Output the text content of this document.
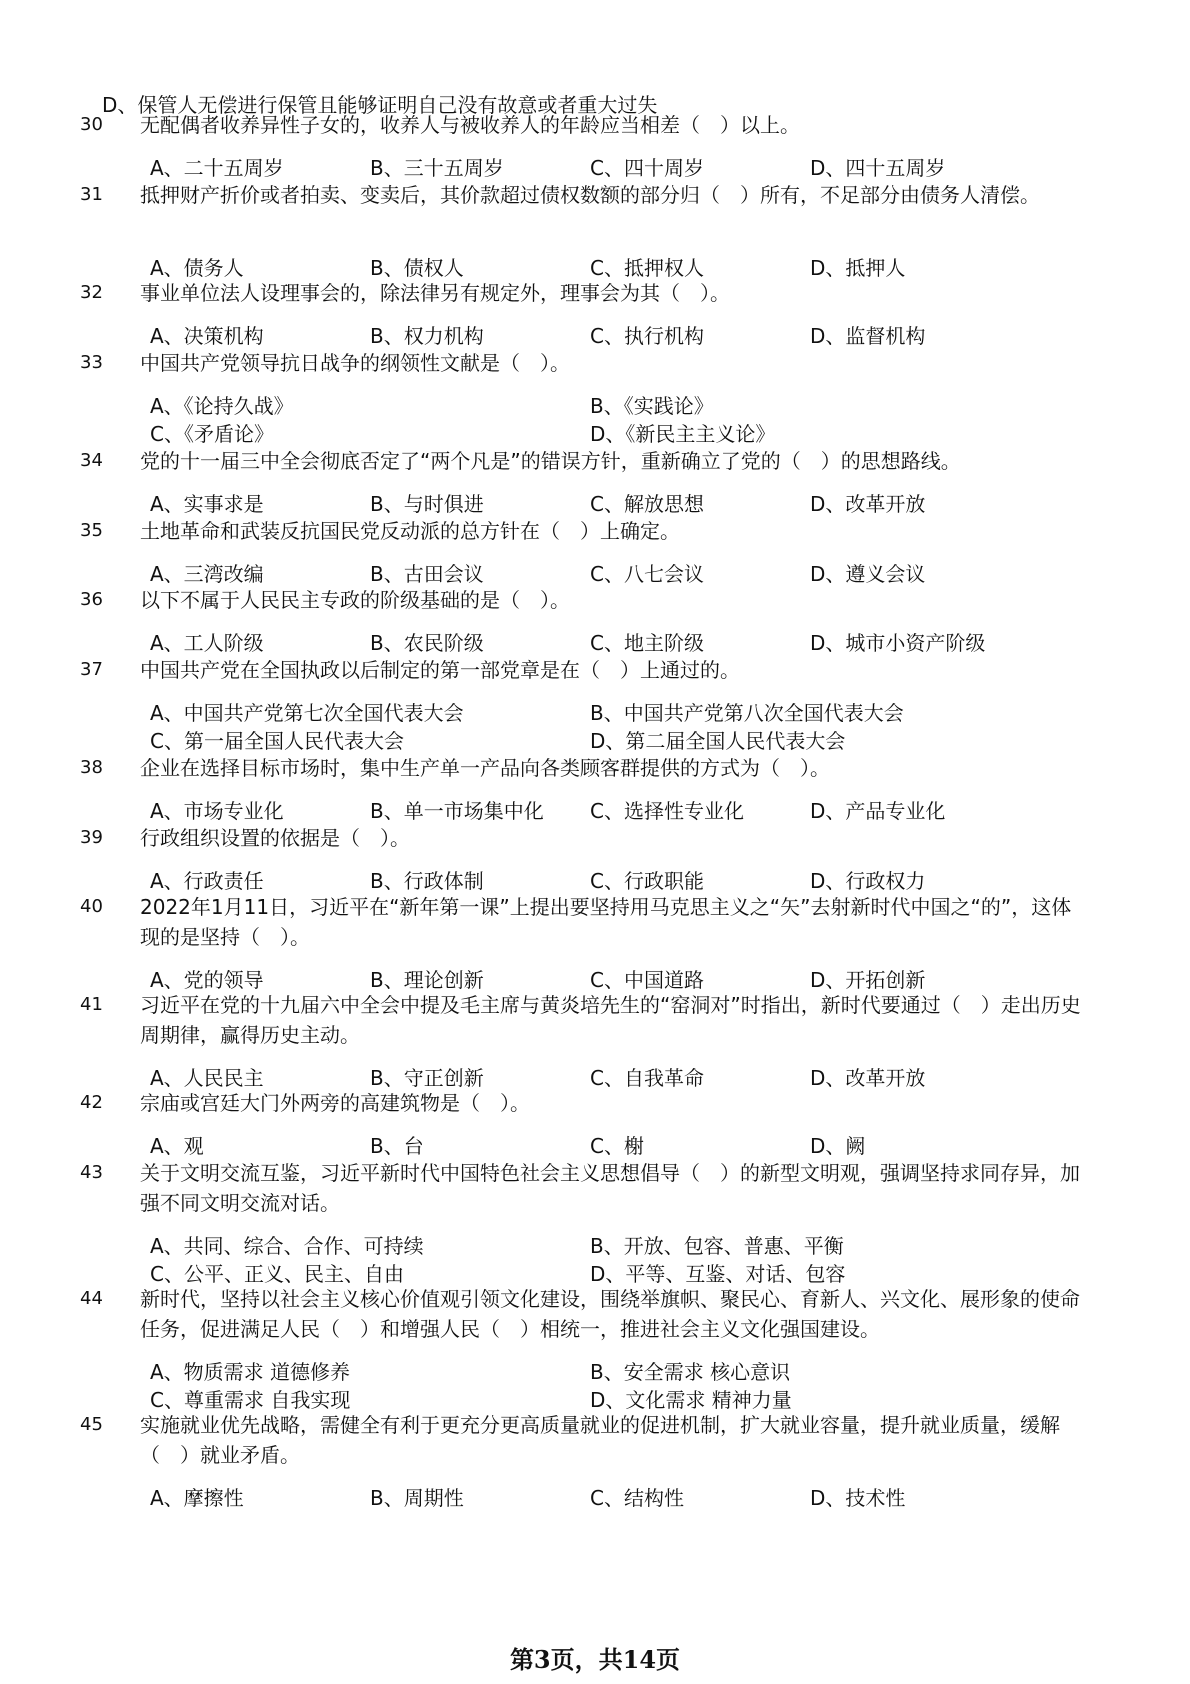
D、保管人无偿进行保管且能够证明自己没有故意或者重大过失
30 无配偶者收养异性子女的，收养人与被收养人的年龄应当相差（　）以上。
A、二十五周岁	B、三十五周岁	C、四十周岁	D、四十五周岁
31 抵押财产折价或者拍卖、变卖后，其价款超过债权数额的部分归（　）所有，不足部分由债务人清偿。
A、债务人	B、债权人	C、抵押权人	D、抵押人
32 事业单位法人设理事会的，除法律另有规定外，理事会为其（　）。
A、决策机构	B、权力机构	C、执行机构	D、监督机构
33 中国共产党领导抗日战争的纲领性文献是（　）。
A、《论持久战》	B、《实践论》
C、《矛盾论》	D、《新民主主义论》
34 党的十一届三中全会彻底否定了“两个凡是”的错误方针，重新确立了党的（　）的思想路线。
A、实事求是	B、与时俱进	C、解放思想	D、改革开放
35 土地革命和武装反抗国民党反动派的总方针在（　）上确定。
A、三湾改编	B、古田会议	C、八七会议	D、遵义会议
36 以下不属于人民民主专政的阶级基础的是（　）。
A、工人阶级	B、农民阶级	C、地主阶级	D、城市小资产阶级
37 中国共产党在全国执政以后制定的第一部党章是在（　）上通过的。
A、中国共产党第七次全国代表大会	B、中国共产党第八次全国代表大会
C、第一届全国人民代表大会	D、第二届全国人民代表大会
38 企业在选择目标市场时，集中生产单一产品向各类顾客群提供的方式为（　）。
A、市场专业化	B、单一市场集中化 C、选择性专业化	D、产品专业化
39 行政组织设置的依据是（　）。
A、行政责任	B、行政体制	C、行政职能	D、行政权力
40 2022年1月11日，习近平在“新年第一课”上提出要坚持用马克思主义之“矢”去射新时代中国之“的”，这体现的是坚持（　）。
A、党的领导	B、理论创新	C、中国道路	D、开拓创新
41 习近平在党的十九届六中全会中提及毛主席与黄炎培先生的“窑洞对”时指出，新时代要通过（　）走出历史周期律，赢得历史主动。
A、人民民主	B、守正创新	C、自我革命	D、改革开放
42 宗庙或宫廷大门外两旁的高建筑物是（　）。
A、观	B、台	C、榭	D、阙
43 关于文明交流互鉴，习近平新时代中国特色社会主义思想倡导（　）的新型文明观，强调坚持求同存异，加强不同文明交流对话。
A、共同、综合、合作、可持续	B、开放、包容、普惠、平衡
C、公平、正义、民主、自由	D、平等、互鉴、对话、包容
44 新时代，坚持以社会主义核心价值观引领文化建设，围绕举旗帜、聚民心、育新人、兴文化、展形象的使命任务，促进满足人民（　）和增强人民（　）相统一，推进社会主义文化强国建设。
A、物质需求 道德修养	B、安全需求 核心意识
C、尊重需求 自我实现	D、文化需求 精神力量
45 实施就业优先战略，需健全有利于更充分更高质量就业的促进机制，扩大就业容量，提升就业质量，缓解（　）就业矛盾。
A、摩擦性	B、周期性	C、结构性	D、技术性
第3页，共14页
